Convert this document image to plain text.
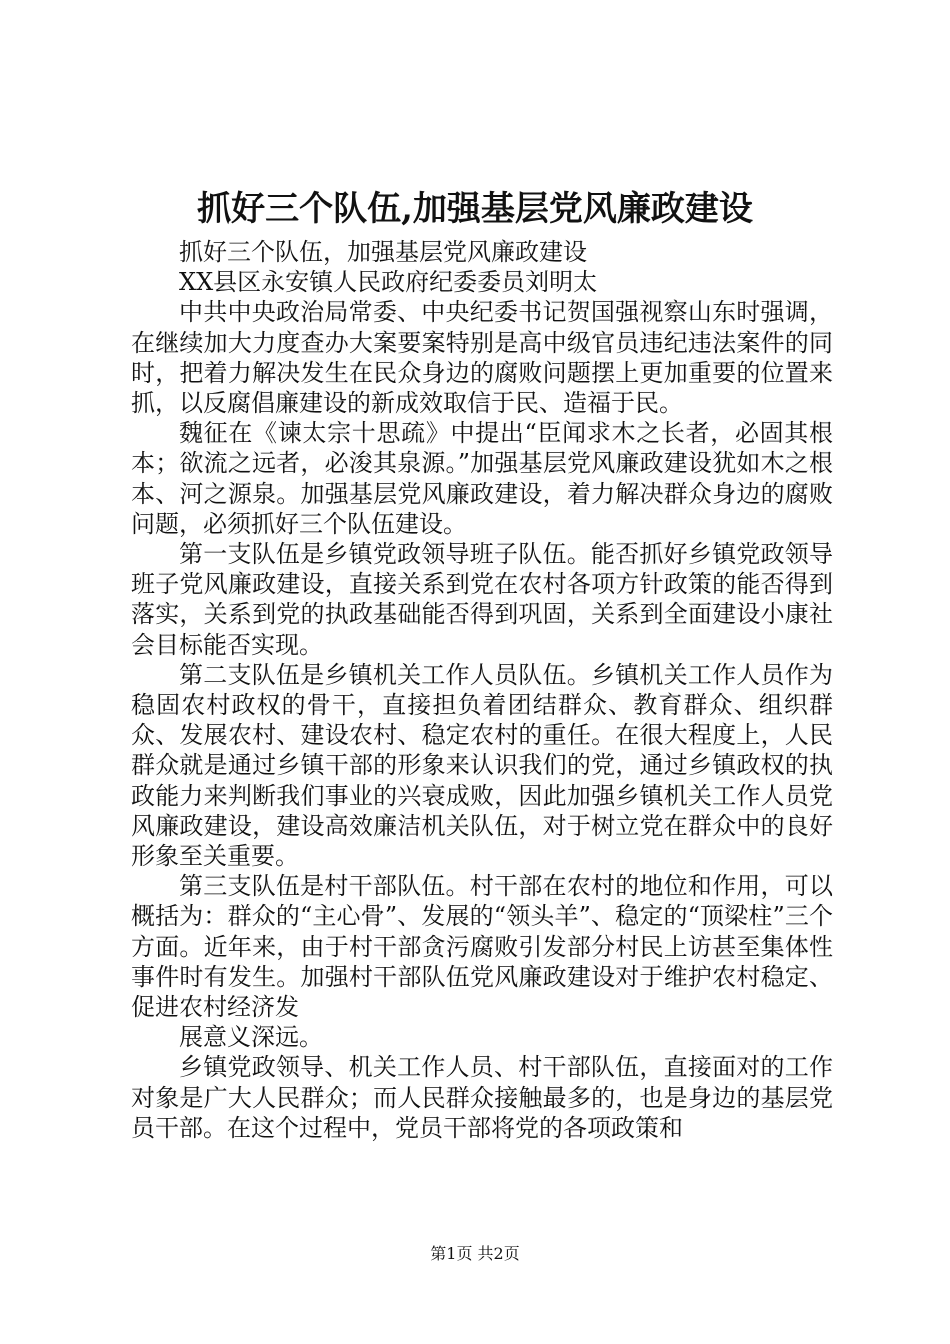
抓好三个队伍,加强基层党风廉政建设

抓好三个队伍，加强基层党风廉政建设

XX县区永安镇人民政府纪委委员刘明太

中共中央政治局常委、中央纪委书记贺国强视察山东时强调，在继续加大力度查办大案要案特别是高中级官员违纪违法案件的同时，把着力解决发生在民众身边的腐败问题摆上更加重要的位置来抓，以反腐倡廉建设的新成效取信于民、造福于民。

魏征在《谏太宗十思疏》中提出“臣闻求木之长者，必固其根本；欲流之远者，必浚其泉源。”加强基层党风廉政建设犹如木之根本、河之源泉。加强基层党风廉政建设，着力解决群众身边的腐败问题，必须抓好三个队伍建设。

第一支队伍是乡镇党政领导班子队伍。能否抓好乡镇党政领导班子党风廉政建设，直接关系到党在农村各项方针政策的能否得到落实，关系到党的执政基础能否得到巩固，关系到全面建设小康社会目标能否实现。

第二支队伍是乡镇机关工作人员队伍。乡镇机关工作人员作为稳固农村政权的骨干，直接担负着团结群众、教育群众、组织群众、发展农村、建设农村、稳定农村的重任。在很大程度上，人民群众就是通过乡镇干部的形象来认识我们的党，通过乡镇政权的执政能力来判断我们事业的兴衰成败，因此加强乡镇机关工作人员党风廉政建设，建设高效廉洁机关队伍，对于树立党在群众中的良好形象至关重要。

第三支队伍是村干部队伍。村干部在农村的地位和作用，可以概括为：群众的“主心骨”、发展的“领头羊”、稳定的“顶梁柱”三个方面。近年来，由于村干部贪污腐败引发部分村民上访甚至集体性事件时有发生。加强村干部队伍党风廉政建设对于维护农村稳定、促进农村经济发

展意义深远。

乡镇党政领导、机关工作人员、村干部队伍，直接面对的工作对象是广大人民群众；而人民群众接触最多的，也是身边的基层党员干部。在这个过程中，党员干部将党的各项政策和

第1页 共2页
